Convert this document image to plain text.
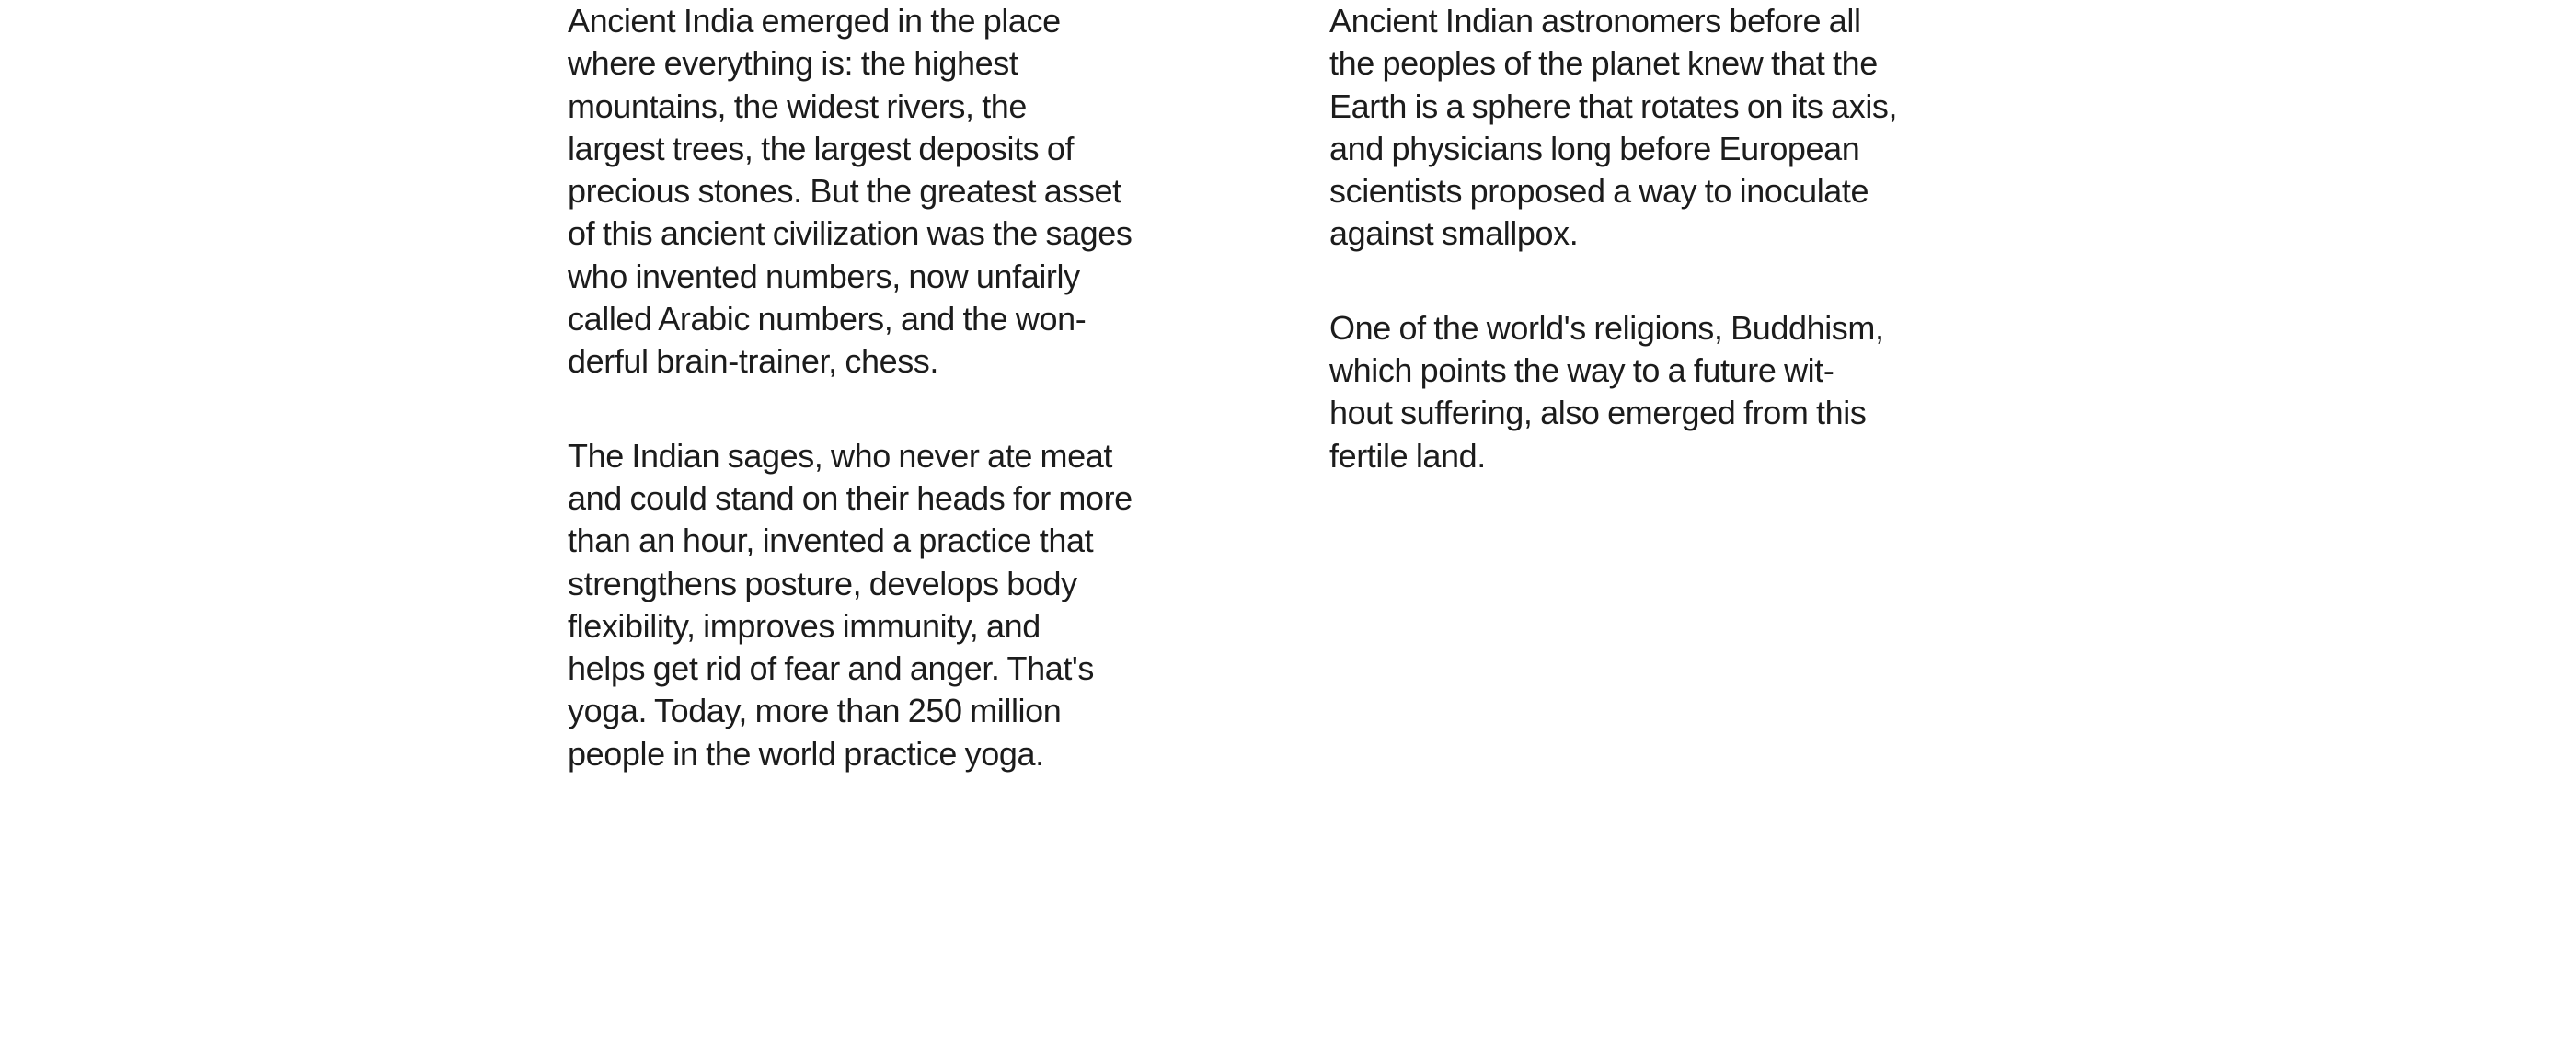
Ancient India emerged in the place
where everything is: the highest
mountains, the widest rivers, the
largest trees, the largest deposits of
precious stones. But the greatest asset
of this ancient civilization was the sages
who invented numbers, now unfairly
called Arabic numbers, and the won-
derful brain-trainer, chess.

The Indian sages, who never ate meat
and could stand on their heads for more
than an hour, invented a practice that
strengthens posture, develops body
flexibility, improves immunity, and
helps get rid of fear and anger. That's
yoga. Today, more than 250 million
people in the world practice yoga.

Ancient Indian astronomers before all
the peoples of the planet knew that the
Earth is a sphere that rotates on its axis,
and physicians long before European
scientists proposed a way to inoculate
against smallpox.

One of the world's religions, Buddhism,
which points the way to a future wit-
hout suffering, also emerged from this
fertile land.
